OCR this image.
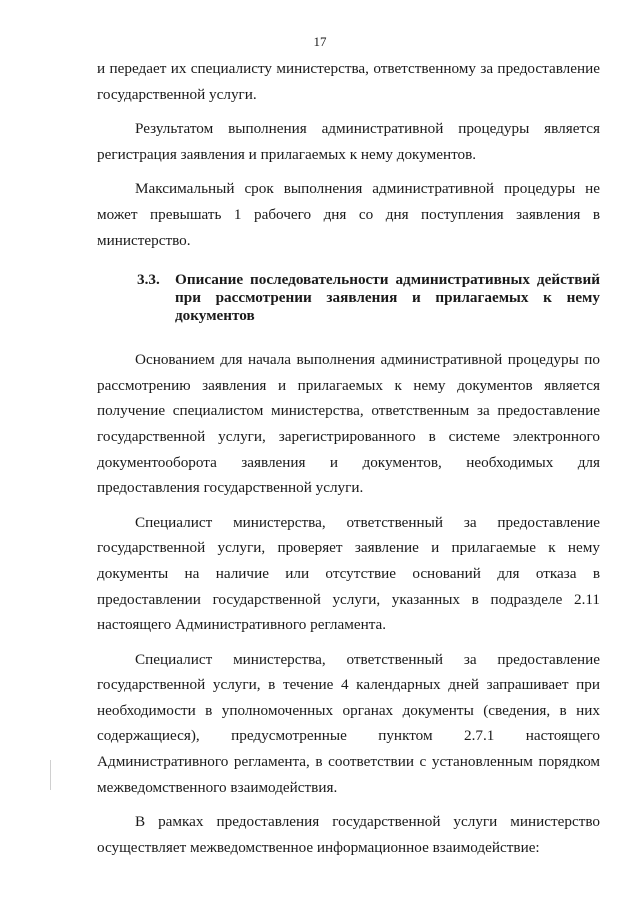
17

и передает их специалисту министерства, ответственному за предоставление государственной услуги.

Результатом выполнения административной процедуры является регистрация заявления и прилагаемых к нему документов.

Максимальный срок выполнения административной процедуры не может превышать 1 рабочего дня со дня поступления заявления в министерство.

3.3. Описание последовательности административных действий при рассмотрении заявления и прилагаемых к нему документов

Основанием для начала выполнения административной процедуры по рассмотрению заявления и прилагаемых к нему документов является получение специалистом министерства, ответственным за предоставление государственной услуги, зарегистрированного в системе электронного документооборота заявления и документов, необходимых для предоставления государственной услуги.

Специалист министерства, ответственный за предоставление государственной услуги, проверяет заявление и прилагаемые к нему документы на наличие или отсутствие оснований для отказа в предоставлении государственной услуги, указанных в подразделе 2.11 настоящего Административного регламента.

Специалист министерства, ответственный за предоставление государственной услуги, в течение 4 календарных дней запрашивает при необходимости в уполномоченных органах документы (сведения, в них содержащиеся), предусмотренные пунктом 2.7.1 настоящего Административного регламента, в соответствии с установленным порядком межведомственного взаимодействия.

В рамках предоставления государственной услуги министерство осуществляет межведомственное информационное взаимодействие:
